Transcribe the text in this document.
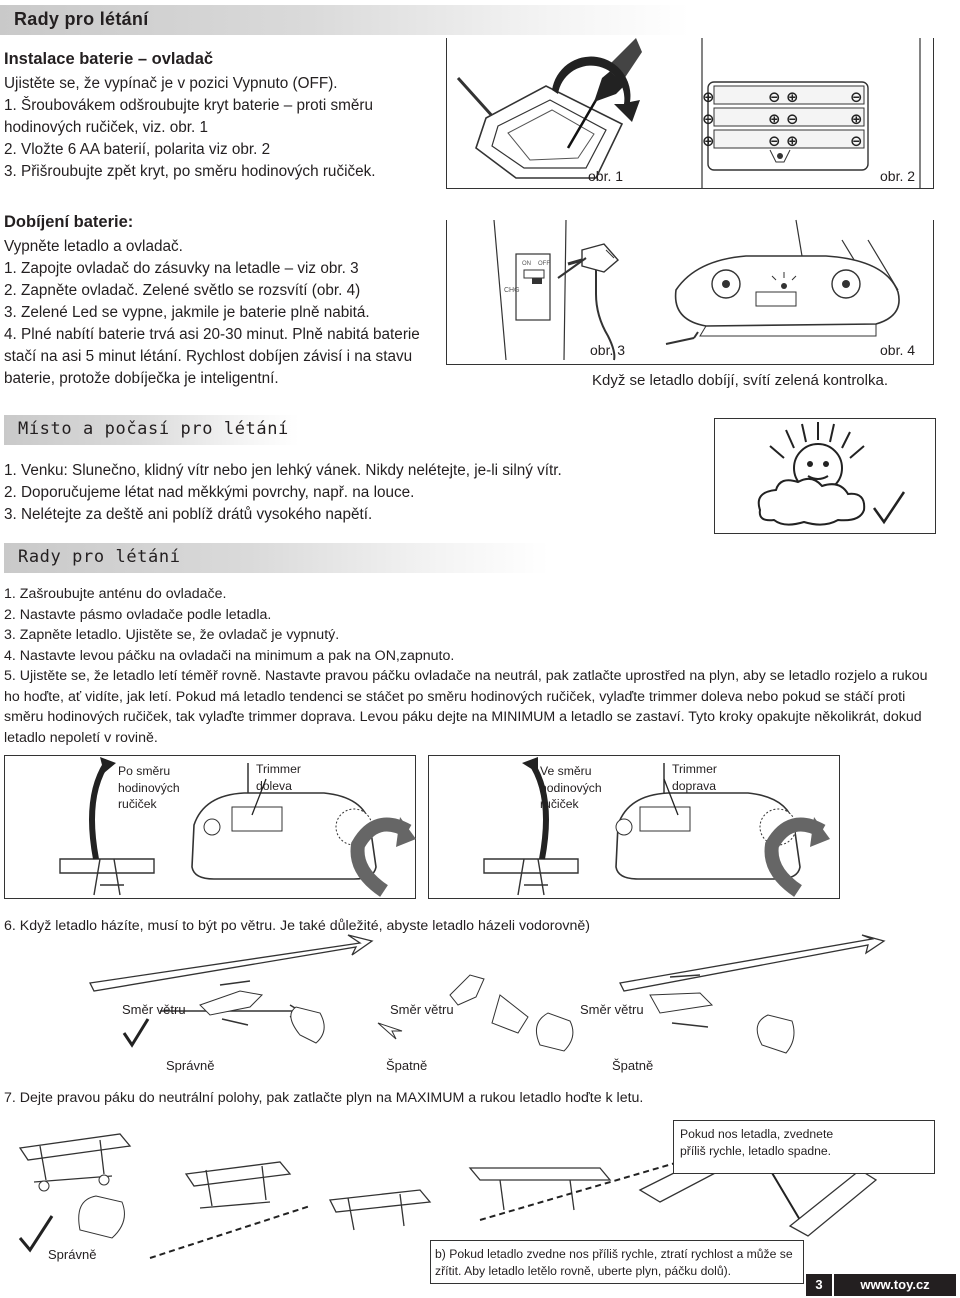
Rady pro létání
Instalace baterie – ovladač
Ujistěte se, že vypínač je v pozici Vypnuto (OFF).
1. Šroubovákem odšroubujte kryt baterie – proti směru
hodinových ručiček, viz. obr. 1
2. Vložte 6 AA baterií, polarita viz obr. 2
3. Přišroubujte zpět kryt, po směru hodinových ručiček.	obr. 1
⊕	⊖ ⊕	⊖
⊖	⊕ ⊖	⊕
⊕	⊖ ⊕	⊖
obr. 2
Dobíjení baterie:
Vypněte letadlo a ovladač.
1. Zapojte ovladač do zásuvky na letadle – viz obr. 3
2. Zapněte ovladač. Zelené světlo se rozsvítí (obr. 4)
3. Zelené Led se vypne, jakmile je baterie plně nabitá.
4. Plné nabítí baterie trvá asi 20-30 minut. Plně nabitá baterie
stačí na asi 5 minut létání. Rychlost dobíjen závisí i na stavu
baterie, protože dobíječka je inteligentní.
ON OFF
CHG
obr. 3	obr. 4
Když se letadlo dobíjí, svítí zelená kontrolka.
Místo a počasí pro létání
1. Venku: Slunečno, klidný vítr nebo jen lehký vánek. Nikdy nelétejte, je-li silný vítr.
2. Doporučujeme létat nad měkkými povrchy, např. na louce.
3. Nelétejte za deště ani poblíž drátů vysokého napětí.
Rady pro létání
1. Zašroubujte anténu do ovladače.
2. Nastavte pásmo ovladače podle letadla.
3. Zapněte letadlo. Ujistěte se, že ovladač je vypnutý.
4. Nastavte levou páčku na ovladači na minimum a pak na ON,zapnuto.
5. Ujistěte se, že letadlo letí téměř rovně. Nastavte pravou páčku ovladače na neutrál, pak zatlačte uprostřed na plyn, aby se letadlo rozjelo a rukou
ho hoďte, ať vidíte, jak letí. Pokud má letadlo tendenci se stáčet po směru hodinových ručiček, vylaďte trimmer doleva nebo pokud se stáčí proti
směru hodinových ručiček, tak vylaďte trimmer doprava. Levou páku dejte na MINIMUM a letadlo se zastaví. Tyto kroky opakujte několikrát, dokud
letadlo nepoletí v rovině.
Po směru
hodinových
ručiček
Trimmer
doleva
Ve směru
hodinových
ručiček
Trimmer
doprava
6. Když letadlo házíte, musí to být po větru. Je také důležité, abyste letadlo házeli vodorovně)
Směr větru	Směr větru	Směr větru
Správně	Špatně	Špatně
7. Dejte pravou páku do neutrální polohy, pak zatlačte plyn na MAXIMUM a rukou letadlo hoďte k letu.
Pokud nos letadla, zvednete
příliš rychle, letadlo spadne.
Správně	b) Pokud letadlo zvedne nos příliš rychle, ztratí rychlost a může se
zřítit. Aby letadlo letělo rovně, uberte plyn, páčku dolů).
3	www.toy.cz
